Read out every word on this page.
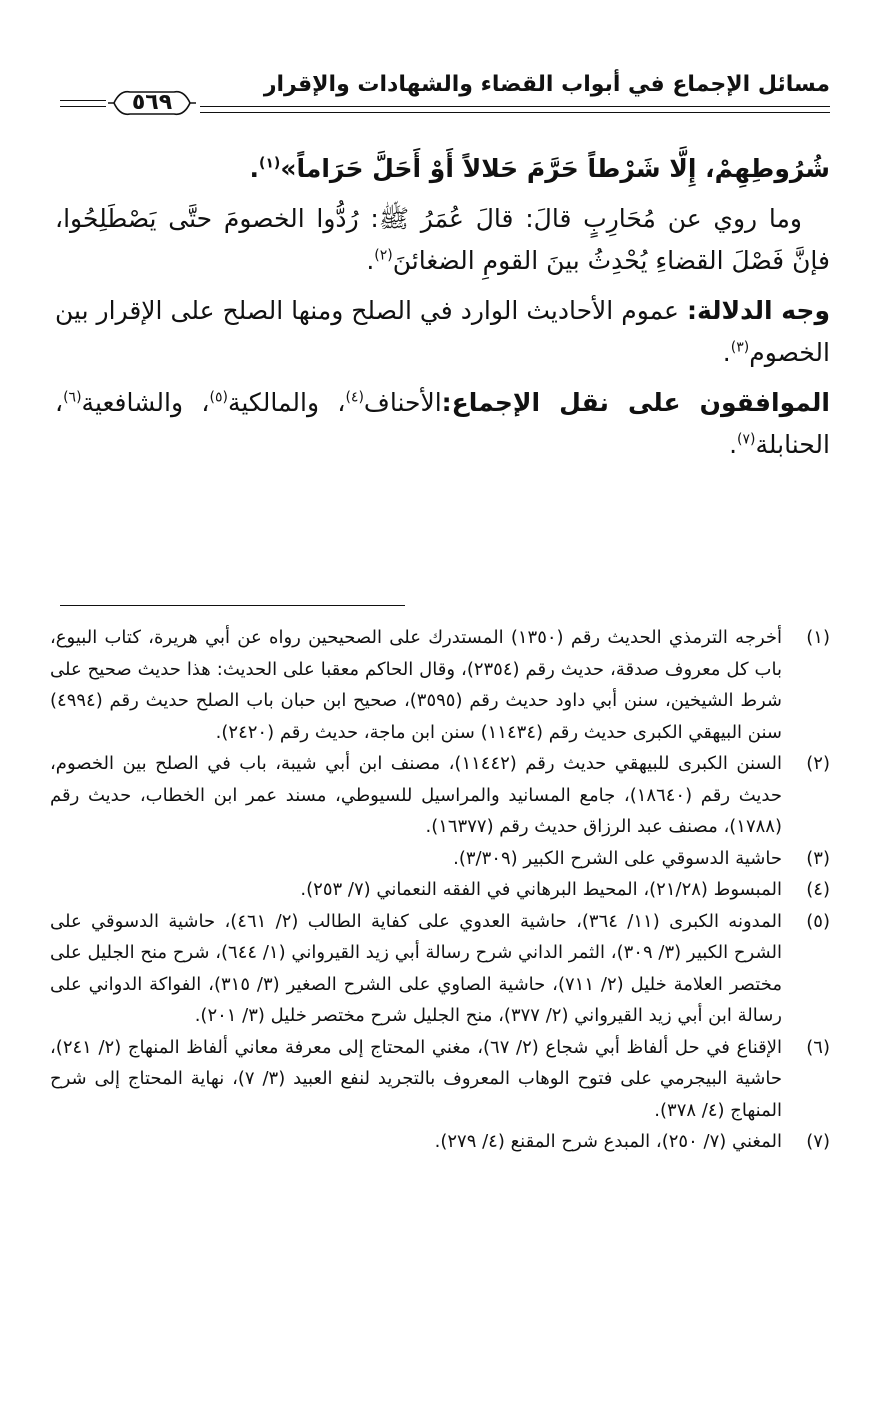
مسائل الإجماع في أبواب القضاء والشهادات والإقرار
٥٦٩

شُرُوطِهِمْ، إِلَّا شَرْطاً حَرَّمَ حَلالاً أَوْ أَحَلَّ حَرَاماً»$^{(١)}$.

وما روي عن مُحَارِبٍ قالَ: قالَ عُمَرُ ﷺ: رُدُّوا الخصومَ حتَّى يَصْطَلِحُوا، فإنَّ فَصْلَ القضاءِ يُحْدِثُ بينَ القومِ الضغائنَ$^{(٢)}$.

وجه الدلالة: عموم الأحاديث الوارد في الصلح ومنها الصلح على الإقرار بين الخصوم$^{(٣)}$.

الموافقون على نقل الإجماع:الأحناف$^{(٤)}$، والمالكية$^{(٥)}$، والشافعية$^{(٦)}$، الحنابلة$^{(٧)}$.

(١)
أخرجه الترمذي الحديث رقم (١٣٥٠) المستدرك على الصحيحين رواه عن أبي هريرة، كتاب البيوع، باب كل معروف صدقة، حديث رقم (٢٣٥٤)، وقال الحاكم معقبا على الحديث: هذا حديث صحيح على شرط الشيخين، سنن أبي داود حديث رقم (٣٥٩٥)، صحيح ابن حبان باب الصلح حديث رقم (٤٩٩٤) سنن البيهقي الكبرى حديث رقم (١١٤٣٤) سنن ابن ماجة، حديث رقم (٢٤٢٠).

(٢)
السنن الكبرى للبيهقي حديث رقم (١١٤٤٢)، مصنف ابن أبي شيبة، باب في الصلح بين الخصوم، حديث رقم (١٨٦٤٠)، جامع المسانيد والمراسيل للسيوطي، مسند عمر ابن الخطاب، حديث رقم (١٧٨٨)، مصنف عبد الرزاق حديث رقم (١٦٣٧٧).

(٣)
حاشية الدسوقي على الشرح الكبير (٣/٣٠٩).

(٤)
المبسوط (٢١/٢٨)، المحيط البرهاني في الفقه النعماني (٧/ ٢٥٣).

(٥)
المدونه الكبرى (١١/ ٣٦٤)، حاشية العدوي على كفاية الطالب (٢/ ٤٦١)، حاشية الدسوقي على الشرح الكبير (٣/ ٣٠٩)، الثمر الداني شرح رسالة أبي زيد القيرواني (١/ ٦٤٤)، شرح منح الجليل على مختصر العلامة خليل (٢/ ٧١١)، حاشية الصاوي على الشرح الصغير (٣/ ٣١٥)، الفواكة الدواني على رسالة ابن أبي زيد القيرواني (٢/ ٣٧٧)، منح الجليل شرح مختصر خليل (٣/ ٢٠١).

(٦)
الإقناع في حل ألفاظ أبي شجاع (٢/ ٦٧)، مغني المحتاج إلى معرفة معاني ألفاظ المنهاج (٢/ ٢٤١)، حاشية البيجرمي على فتوح الوهاب المعروف بالتجريد لنفع العبيد (٣/ ٧)، نهاية المحتاج إلى شرح المنهاج (٤/ ٣٧٨).

(٧)
المغني (٧/ ٢٥٠)، المبدع شرح المقنع (٤/ ٢٧٩).
